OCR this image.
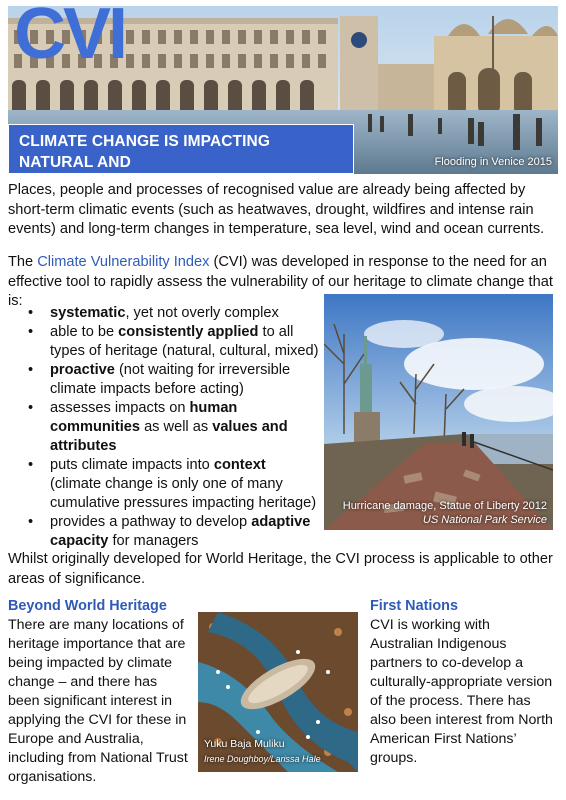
CVI
CLIMATE CHANGE IS IMPACTING NATURAL AND	Flooding in Venice 2015

Places, people and processes of recognised value are already being affected by short-term climatic events (such as heatwaves, drought, wildfires and intense rain events) and long-term changes in temperature, sea level, wind and ocean currents.

The Climate Vulnerability Index (CVI) was developed in response to the need for an effective tool to rapidly assess the vulnerability of our heritage to climate change that is:

• systematic, yet not overly complex
• able to be consistently applied to all types of heritage (natural, cultural, mixed)
• proactive (not waiting for irreversible climate impacts before acting)
• assesses impacts on human communities as well as values and attributes
• puts climate impacts into context (climate change is only one of many cumulative pressures impacting heritage)
• provides a pathway to develop adaptive capacity for managers
Hurricane damage, Statue of Liberty 2012
US National Park Service

Whilst originally developed for World Heritage, the CVI process is applicable to other areas of significance.

Beyond World Heritage
There are many locations of heritage importance that are being impacted by climate change – and there has been significant interest in applying the CVI for these in Europe and Australia, including from National Trust organisations.
Yuku Baja Muliku
Irene Doughboy/Larissa Hale
First Nations
CVI is working with Australian Indigenous partners to co-develop a culturally-appropriate version of the process. There has also been interest from North American First Nations’ groups.
